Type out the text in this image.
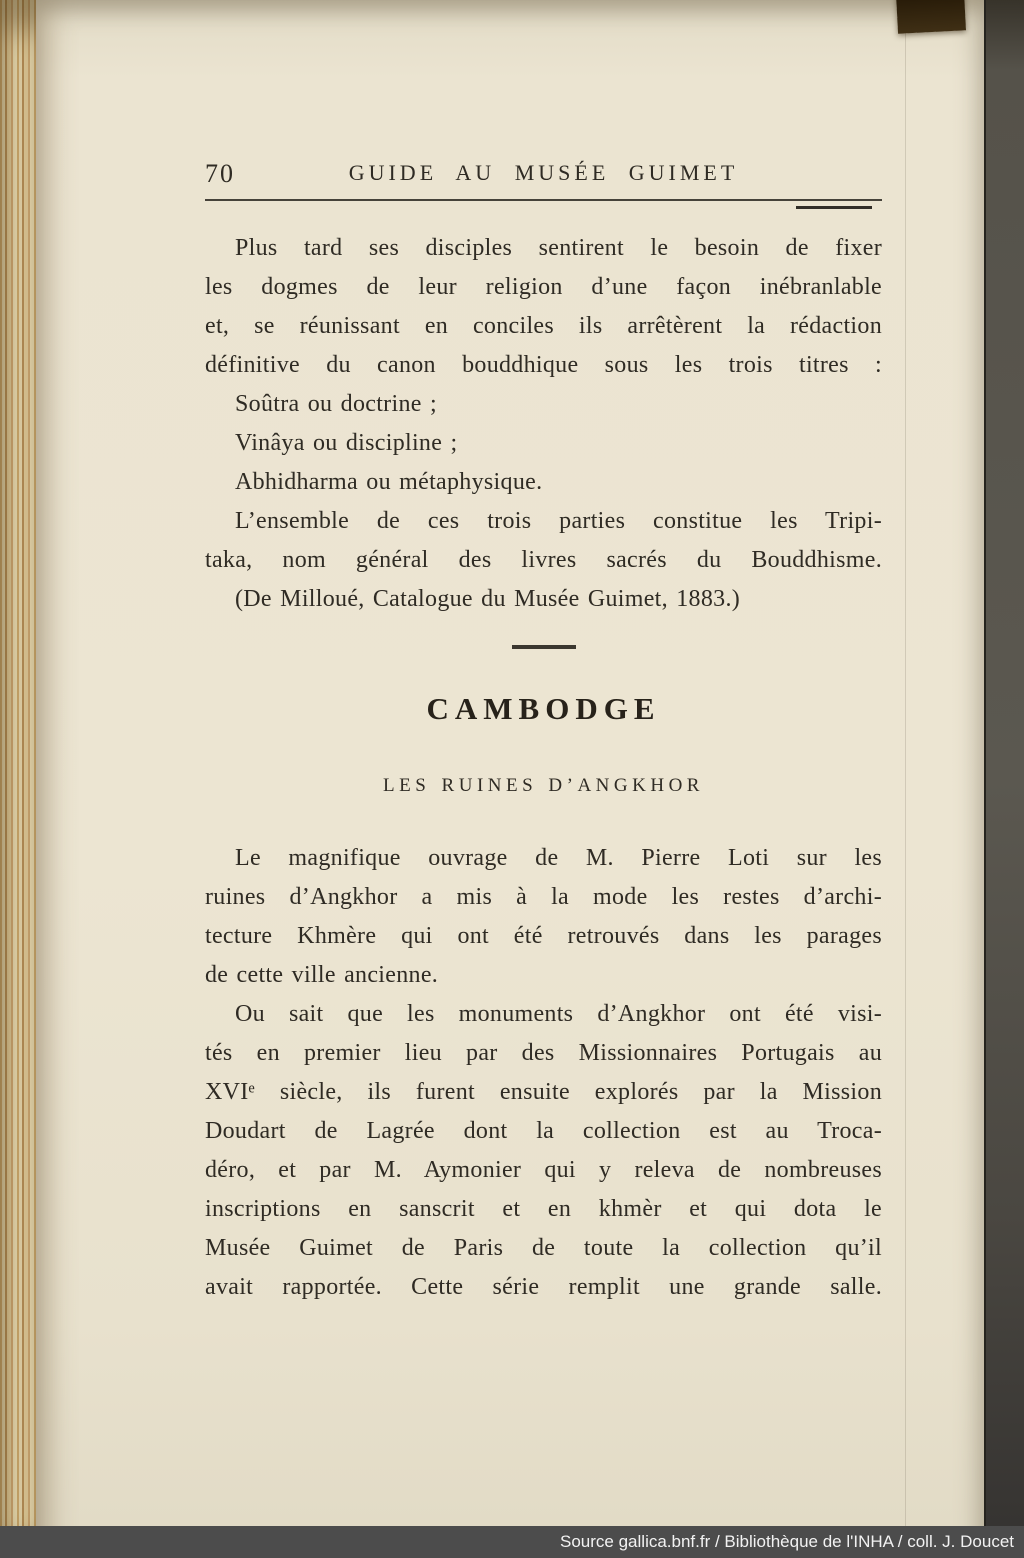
70	GUIDE AU MUSÉE GUIMET
Plus tard ses disciples sentirent le besoin de fixer
les dogmes de leur religion d’une façon inébranlable
et, se réunissant en conciles ils arrêtèrent la rédaction
définitive du canon bouddhique sous les trois titres :
Soûtra ou doctrine ;
Vinâya ou discipline ;
Abhidharma ou métaphysique.
L’ensemble de ces trois parties constitue les Tripi-
taka, nom général des livres sacrés du Bouddhisme.
(De Milloué, Catalogue du Musée Guimet, 1883.)
CAMBODGE
LES RUINES D’ANGKHOR
Le magnifique ouvrage de M. Pierre Loti sur les
ruines d’Angkhor a mis à la mode les restes d’archi-
tecture Khmère qui ont été retrouvés dans les parages
de cette ville ancienne.
Ou sait que les monuments d’Angkhor ont été visi-
tés en premier lieu par des Missionnaires Portugais au
XVIᵉ siècle, ils furent ensuite explorés par la Mission
Doudart de Lagrée dont la collection est au Troca-
déro, et par M. Aymonier qui y releva de nombreuses
inscriptions en sanscrit et en khmèr et qui dota le
Musée Guimet de Paris de toute la collection qu’il
avait rapportée. Cette série remplit une grande salle.
Source gallica.bnf.fr / Bibliothèque de l'INHA / coll. J. Doucet
